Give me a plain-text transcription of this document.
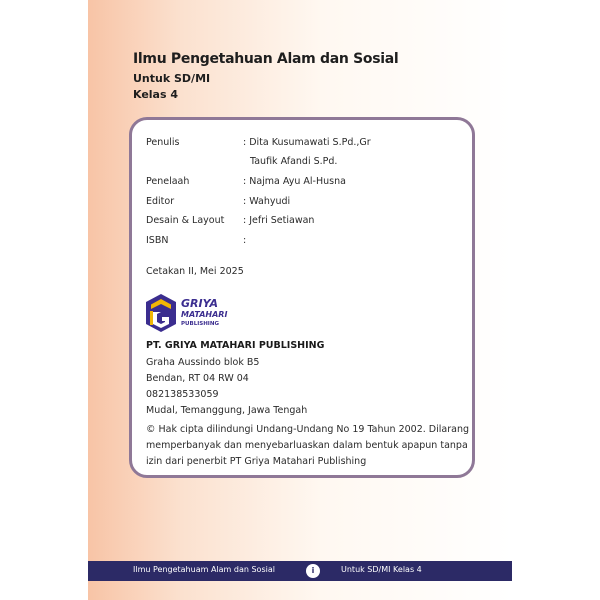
Ilmu Pengetahuan Alam dan Sosial

Untuk SD/MI

Kelas 4

Penulis	: Dita Kusumawati S.Pd.,Gr
Taufik Afandi S.Pd.
Penelaah	: Najma Ayu Al-Husna
Editor	: Wahyudi
Desain & Layout : Jefri Setiawan
ISBN	:
Cetakan II, Mei 2025
GRIYA
MATAHARI
PUBLISHING
PT. GRIYA MATAHARI PUBLISHING
Graha Aussindo blok B5
Bendan, RT 04 RW 04
082138533059
Mudal, Temanggung, Jawa Tengah
© Hak cipta dilindungi Undang-Undang No 19 Tahun 2002. Dilarang memperbanyak dan menyebarluaskan dalam bentuk apapun tanpa izin dari penerbit PT Griya Matahari Publishing
Ilmu Pengetahuam Alam dan Sosial	i	Untuk SD/MI Kelas 4
